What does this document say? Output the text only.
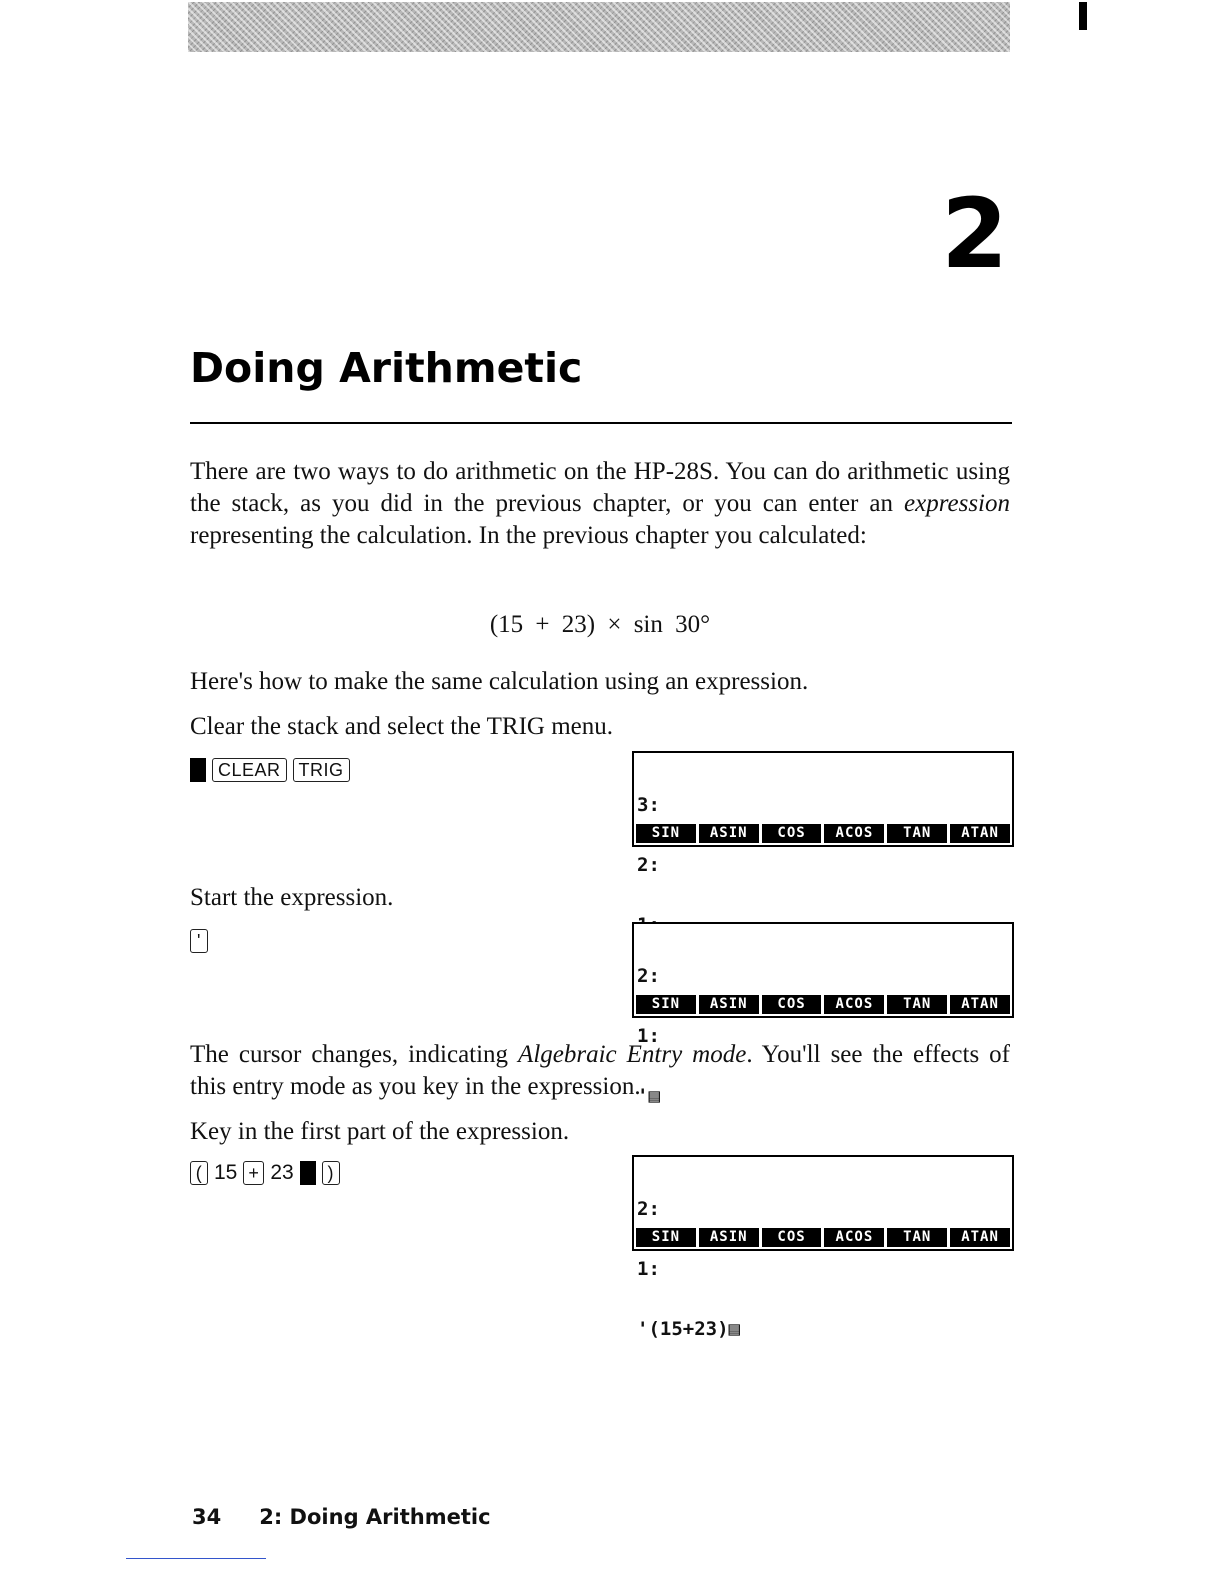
2
Doing Arithmetic

There are two ways to do arithmetic on the HP-28S. You can do arithmetic using the stack, as you did in the previous chapter, or you can enter an expression representing the calculation. In the previous chapter you calculated:

(15 + 23) × sin 30°
Here's how to make the same calculation using an expression.
Clear the stack and select the TRIG menu.
CLEAR	TRIG

3:

2:

SIN	ASIN	COS	ACOS	TAN	ATAN
Start the expression.
'

2:

1:

'▤

SIN	ASIN	COS	ACOS	TAN	ATAN

The cursor changes, indicating Algebraic Entry mode. You'll see the effects of this entry mode as you key in the expression.

Key in the first part of the expression.
( 15 + 23	)

2:

1:

'(15+23)▤

SIN	ASIN	COS	ACOS	TAN	ATAN
34 2: Doing Arithmetic
